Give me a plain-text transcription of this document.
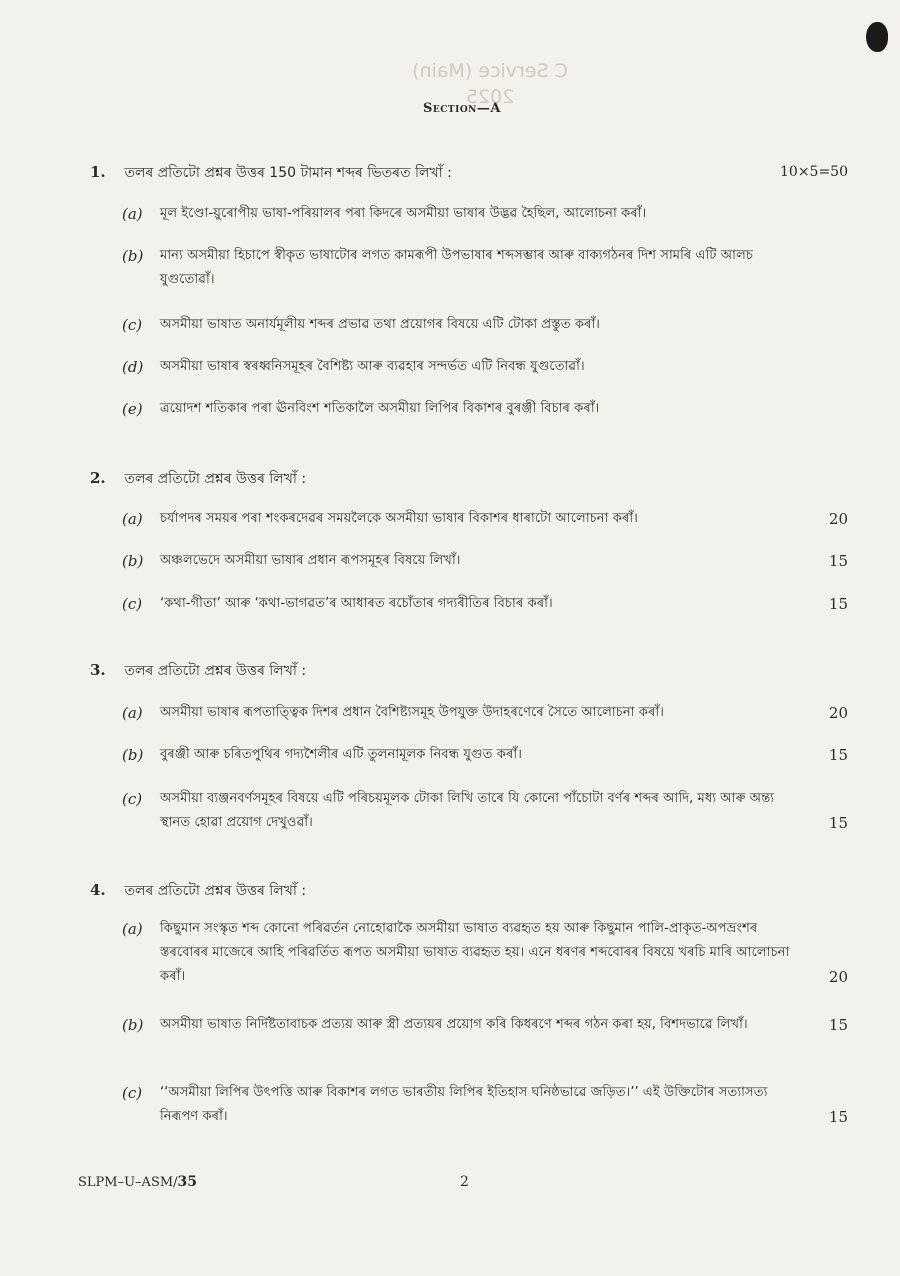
C Service (Main)
2025
Section—A
1. তলৰ প্ৰতিটো প্ৰশ্নৰ উত্তৰ 150 টামান শব্দৰ ভিতৰত লিখাঁ :	10×5=50
(a) মূল ইণ্ডো-য়ুৰোপীয় ভাষা-পৰিয়ালৰ পৰা কিদৰে অসমীয়া ভাষাৰ উদ্ভৱ হৈছিল, আলোচনা কৰাঁ।
(b) মান্য অসমীয়া হিচাপে স্বীকৃত ভাষাটোৰ লগত কামৰূপী উপভাষাৰ শব্দসম্ভাৰ আৰু বাক্যগঠনৰ দিশ সামৰি এটি আলচ যুগুতোৱাঁ।
(c) অসমীয়া ভাষাত অনাৰ্যমূলীয় শব্দৰ প্ৰভাৱ তথা প্ৰয়োগৰ বিষয়ে এটি টোকা প্ৰস্তুত কৰাঁ।
(d) অসমীয়া ভাষাৰ স্বৰধ্বনিসমূহৰ বৈশিষ্ট্য আৰু ব্যৱহাৰ সন্দৰ্ভত এটি নিবন্ধ যুগুতোৱাঁ।
(e) ত্ৰয়োদশ শতিকাৰ পৰা ঊনবিংশ শতিকালৈ অসমীয়া লিপিৰ বিকাশৰ বুৰঞ্জী বিচাৰ কৰাঁ।
2. তলৰ প্ৰতিটো প্ৰশ্নৰ উত্তৰ লিখাঁ :
(a) চৰ্যাপদৰ সময়ৰ পৰা শংকৰদেৱৰ সময়লৈকে অসমীয়া ভাষাৰ বিকাশৰ ধাৰাটো আলোচনা কৰাঁ।	20
(b) অঞ্চলভেদে অসমীয়া ভাষাৰ প্ৰধান ৰূপসমূহৰ বিষয়ে লিখাঁ।	15
(c) ‘কথা-গীতা’ আৰু ‘কথা-ভাগৱত’ৰ আধাৰত ৰচোঁতাৰ গদ্যৰীতিৰ বিচাৰ কৰাঁ।	15
3. তলৰ প্ৰতিটো প্ৰশ্নৰ উত্তৰ লিখাঁ :
(a) অসমীয়া ভাষাৰ ৰূপতাত্ত্বিক দিশৰ প্ৰধান বৈশিষ্ট্যসমূহ উপযুক্ত উদাহৰণেৰে সৈতে আলোচনা কৰাঁ।	20
(b) বুৰঞ্জী আৰু চৰিতপুথিৰ গদ্যশৈলীৰ এটি তুলনামূলক নিবন্ধ যুগুত কৰাঁ।	15
(c) অসমীয়া ব্যঞ্জনবৰ্ণসমূহৰ বিষয়ে এটি পৰিচয়মূলক টোকা লিখি তাৰে যি কোনো পাঁচোটা বৰ্ণৰ শব্দৰ আদি, মধ্য আৰু অন্ত্য স্থানত হোৱা প্ৰয়োগ দেখুওৱাঁ।	15
4. তলৰ প্ৰতিটো প্ৰশ্নৰ উত্তৰ লিখাঁ :
(a) কিছুমান সংস্কৃত শব্দ কোনো পৰিৱৰ্তন নোহোৱাকৈ অসমীয়া ভাষাত ব্যৱহৃত হয় আৰু কিছুমান পালি-প্ৰাকৃত-অপভ্ৰংশৰ স্তৰবোৰৰ মাজেৰে আহি পৰিৱৰ্তিত ৰূপত অসমীয়া ভাষাত ব্যৱহৃত হয়। এনে ধৰণৰ শব্দবোৰৰ বিষয়ে খৰচি মাৰি আলোচনা কৰাঁ।	20
(b) অসমীয়া ভাষাত নিৰ্দিষ্টতাবাচক প্ৰত্যয় আৰু স্ত্ৰী প্ৰত্যয়ৰ প্ৰয়োগ কৰি কিধৰণে শব্দৰ গঠন কৰা হয়, বিশদভাৱে লিখাঁ।	15
(c) ‘‘অসমীয়া লিপিৰ উৎপত্তি আৰু বিকাশৰ লগত ভাৰতীয় লিপিৰ ইতিহাস ঘনিষ্ঠভাৱে জড়িত।’’ এই উক্তিটোৰ সত্যাসত্য নিৰূপণ কৰাঁ।	15
SLPM–U–ASM/35	2
